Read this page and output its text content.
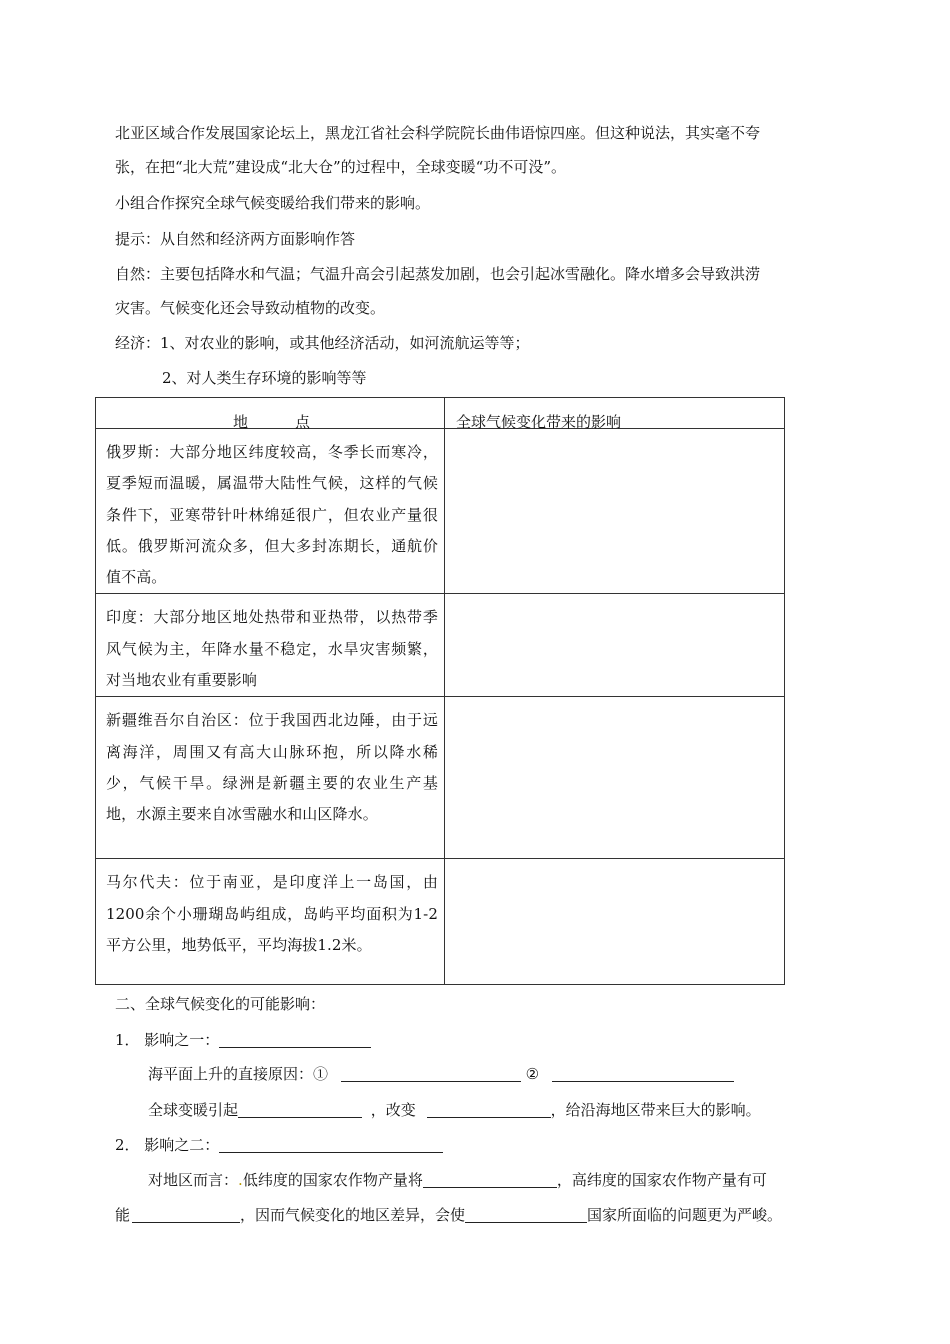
北亚区域合作发展国家论坛上，黑龙江省社会科学院院长曲伟语惊四座。但这种说法，其实毫不夸
张，在把“北大荒”建设成“北大仓”的过程中，全球变暖“功不可没”。
小组合作探究全球气候变暖给我们带来的影响。
提示：从自然和经济两方面影响作答
自然：主要包括降水和气温；气温升高会引起蒸发加剧，也会引起冰雪融化。降水增多会导致洪涝
灾害。气候变化还会导致动植物的改变。
经济：1、对农业的影响，或其他经济活动，如河流航运等等；
2、对人类生存环境的影响等等
地 点	全球气候变化带来的影响

俄罗斯：大部分地区纬度较高，冬季长而寒冷，夏季短而温暖，属温带大陆性气候，这样的气候条件下，亚寒带针叶林绵延很广，但农业产量很低。俄罗斯河流众多，但大多封冻期长，通航价值不高。	

印度：大部分地区地处热带和亚热带，以热带季风气候为主，年降水量不稳定，水旱灾害频繁，对当地农业有重要影响	

新疆维吾尔自治区：位于我国西北边陲，由于远离海洋，周围又有高大山脉环抱，所以降水稀少，气候干旱。绿洲是新疆主要的农业生产基地，水源主要来自冰雪融水和山区降水。	

马尔代夫：位于南亚，是印度洋上一岛国，由1200余个小珊瑚岛屿组成，岛屿平均面积为1-2平方公里，地势低平，平均海拔1.2米。	

二、全球气候变化的可能影响：
1． 影响之一：
海平面上升的直接原因：①	②
全球变暖引起	，改变	，给沿海地区带来巨大的影响。
2． 影响之二：
对地区而言：.低纬度的国家农作物产量将	，高纬度的国家农作物产量有可
能	，因而气候变化的地区差异，会使	国家所面临的问题更为严峻。
